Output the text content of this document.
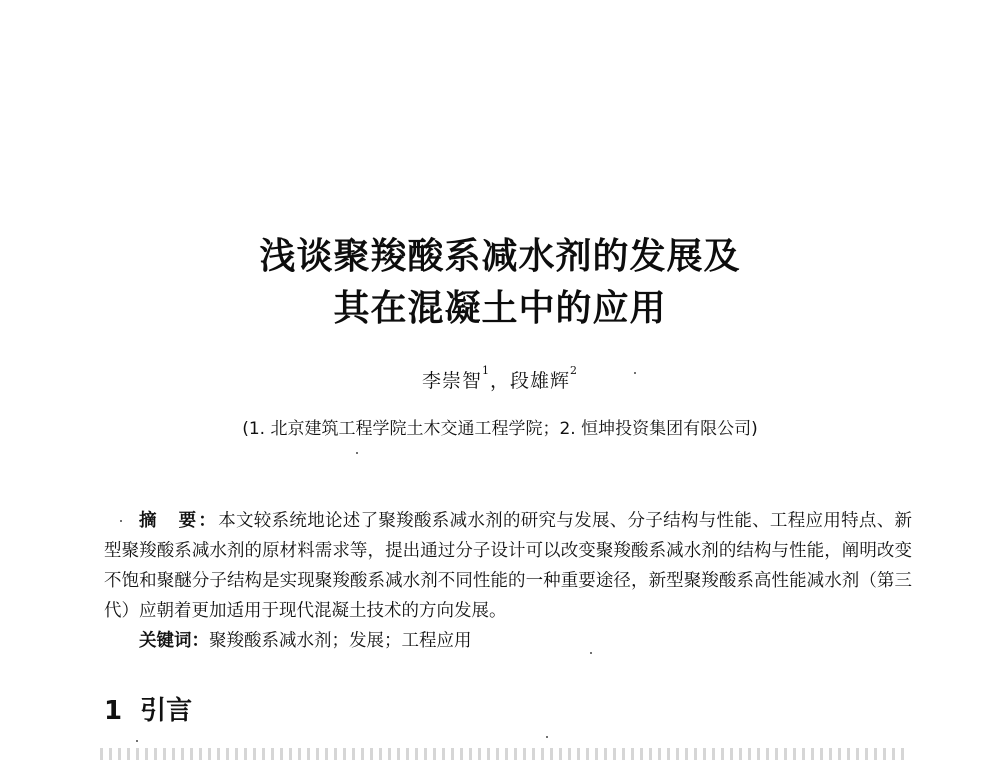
浅谈聚羧酸系减水剂的发展及
其在混凝土中的应用
李崇智$^1$，段雄辉$^2$
(1. 北京建筑工程学院土木交通工程学院；2. 恒坤投资集团有限公司)

摘　要：本文较系统地论述了聚羧酸系减水剂的研究与发展、分子结构与性能、工程应用特点、新型聚羧酸系减水剂的原材料需求等，提出通过分子设计可以改变聚羧酸系减水剂的结构与性能，阐明改变不饱和聚醚分子结构是实现聚羧酸系减水剂不同性能的一种重要途径，新型聚羧酸系高性能减水剂（第三代）应朝着更加适用于现代混凝土技术的方向发展。

关键词：聚羧酸系减水剂；发展；工程应用

1 引言
